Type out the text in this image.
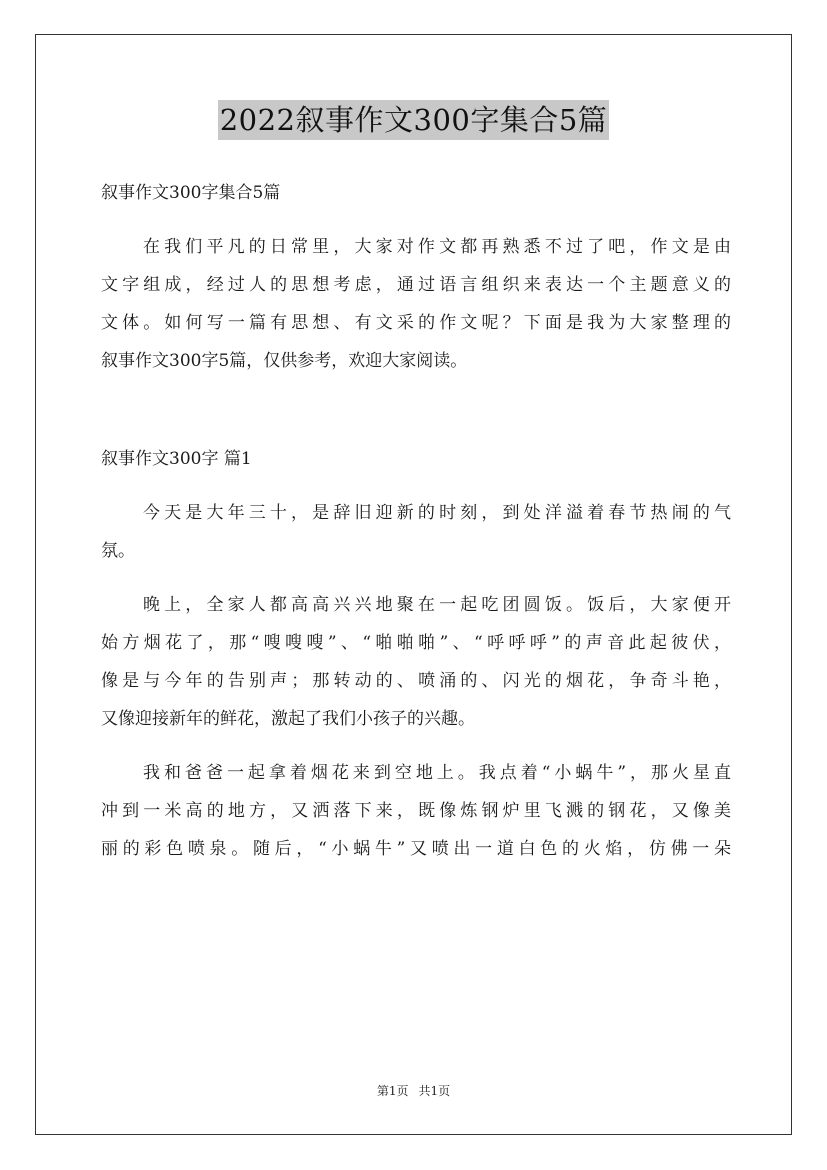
2022叙事作文300字集合5篇
叙事作文300字集合5篇
在我们平凡的日常里，大家对作文都再熟悉不过了吧，作文是由
文字组成，经过人的思想考虑，通过语言组织来表达一个主题意义的
文体。如何写一篇有思想、有文采的作文呢？下面是我为大家整理的
叙事作文300字5篇，仅供参考，欢迎大家阅读。
叙事作文300字 篇1
今天是大年三十，是辞旧迎新的时刻，到处洋溢着春节热闹的气
氛。
晚上，全家人都高高兴兴地聚在一起吃团圆饭。饭后，大家便开
始方烟花了，那“嗖嗖嗖”、“啪啪啪”、“呼呼呼”的声音此起彼伏，
像是与今年的告别声；那转动的、喷涌的、闪光的烟花，争奇斗艳，
又像迎接新年的鲜花，激起了我们小孩子的兴趣。
我和爸爸一起拿着烟花来到空地上。我点着“小蜗牛”，那火星直
冲到一米高的地方，又洒落下来，既像炼钢炉里飞溅的钢花，又像美
丽的彩色喷泉。随后，“小蜗牛”又喷出一道白色的火焰，仿佛一朵
第1页 共1页
